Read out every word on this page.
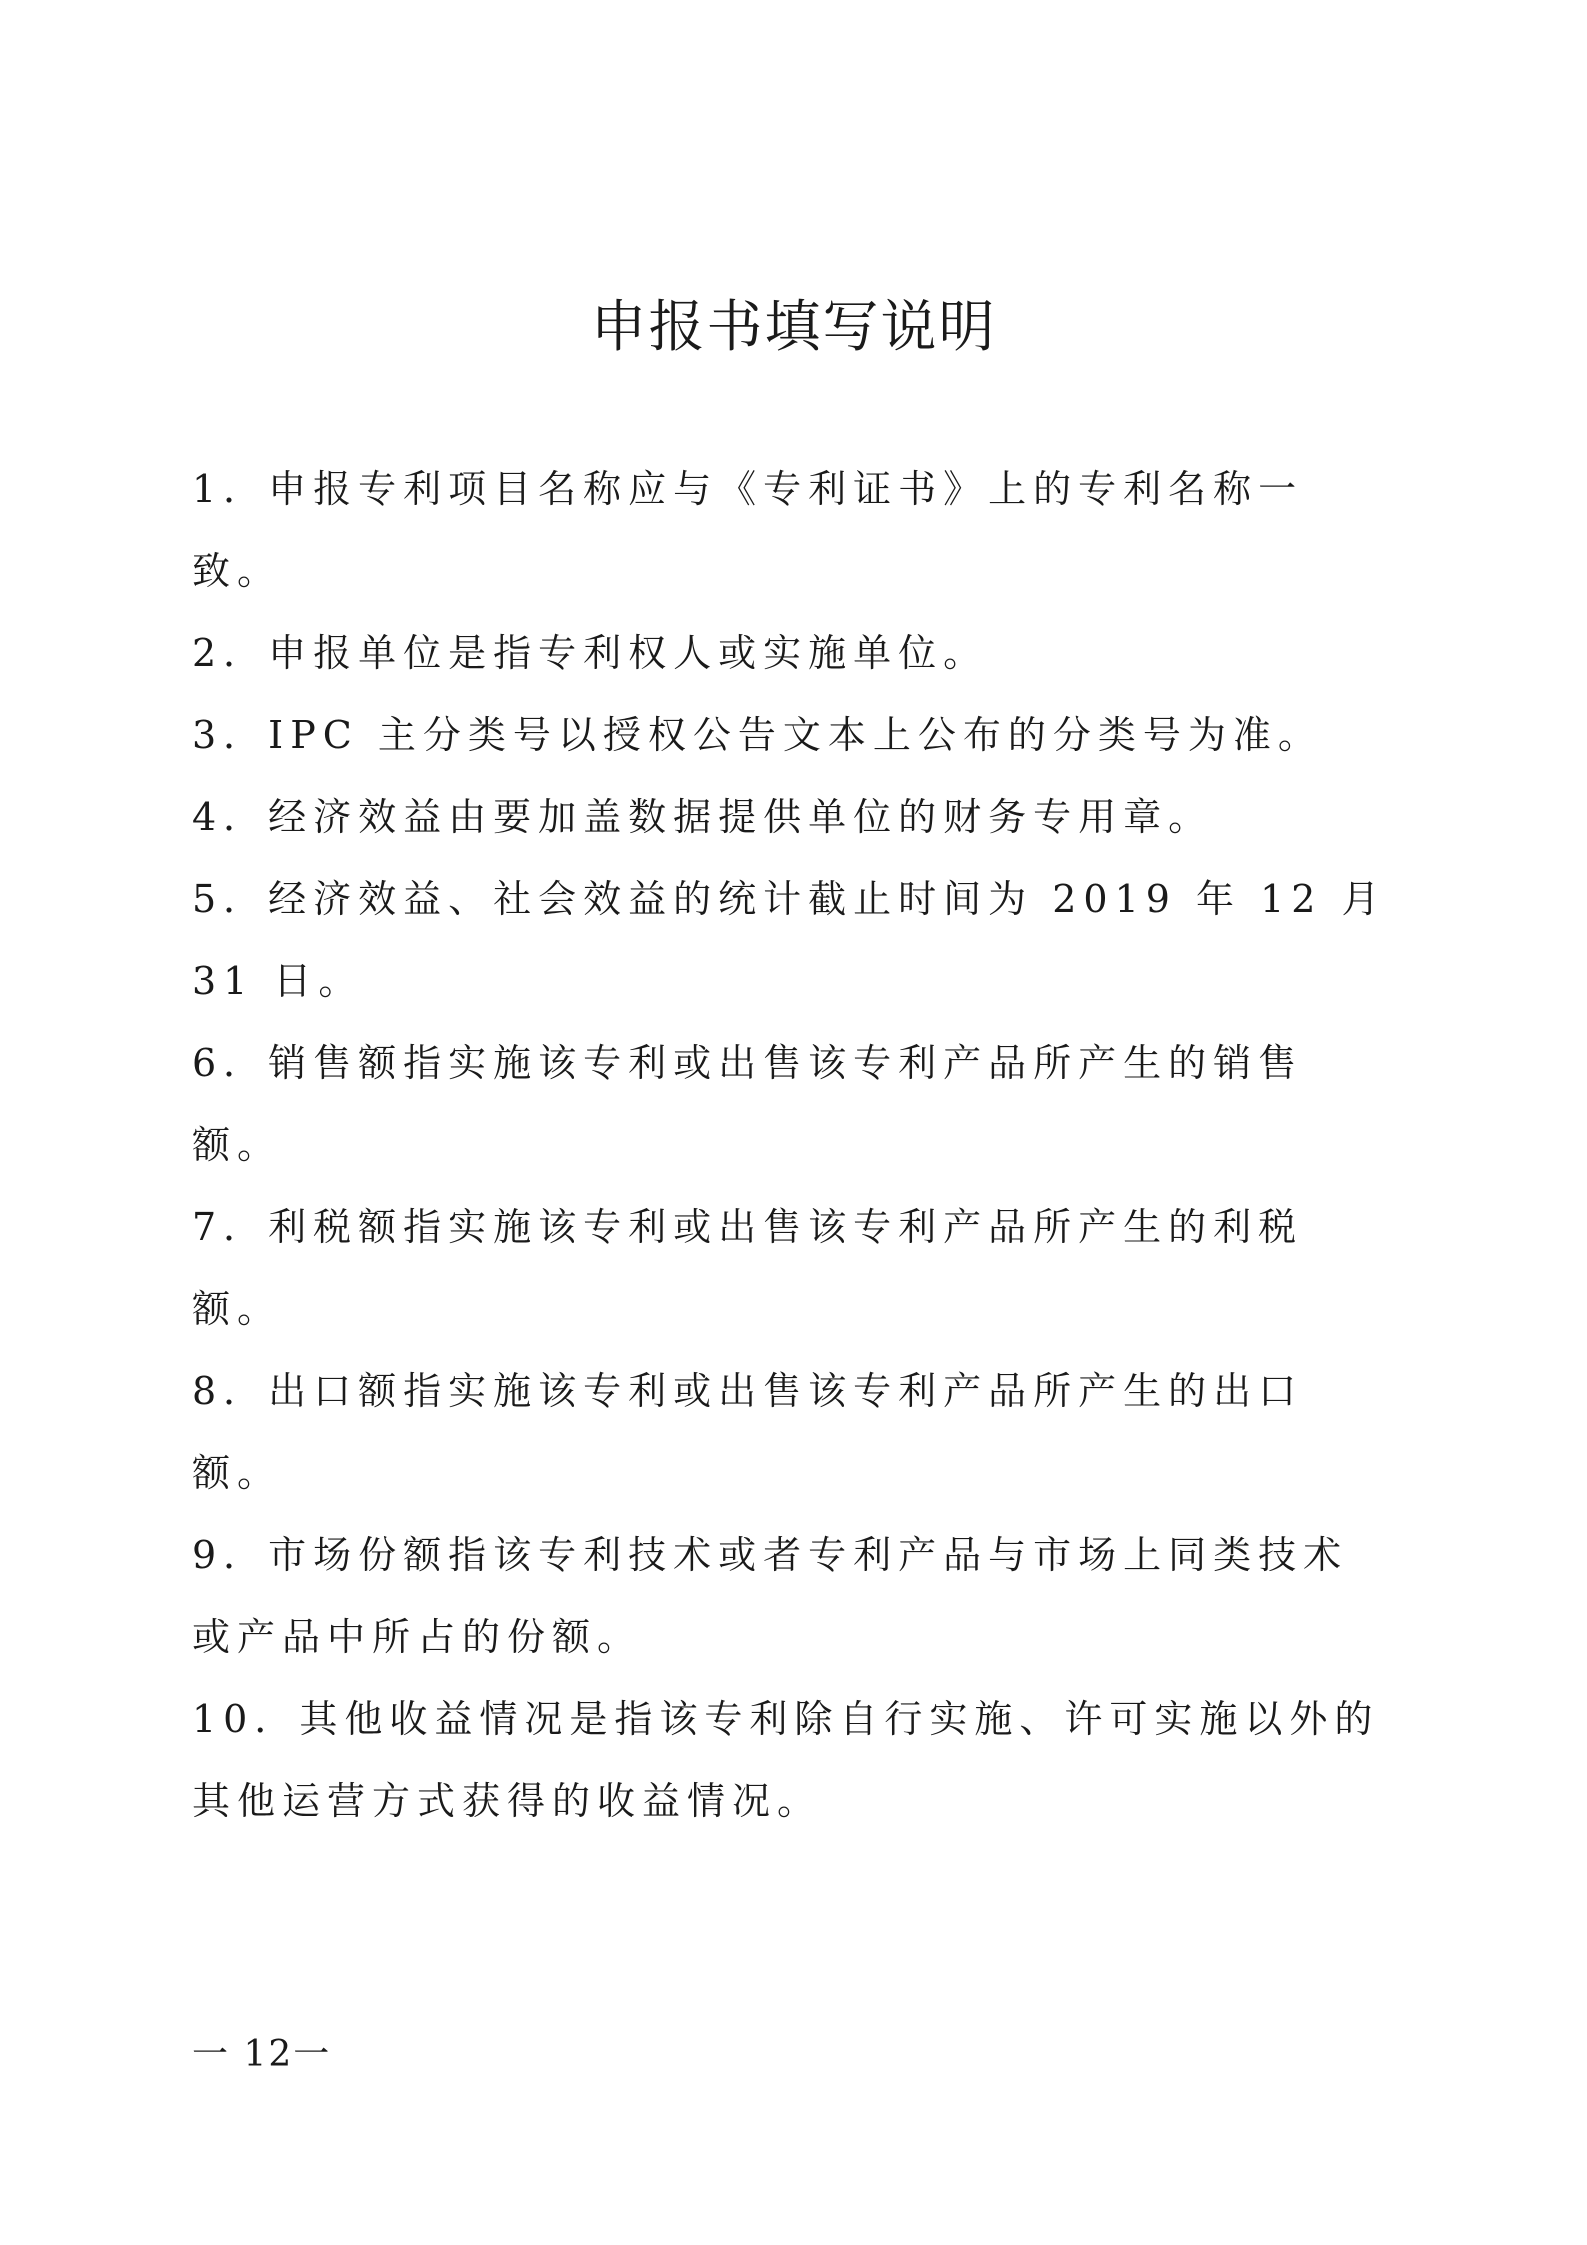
申报书填写说明
1．申报专利项目名称应与《专利证书》上的专利名称一致。
2．申报单位是指专利权人或实施单位。
3．IPC 主分类号以授权公告文本上公布的分类号为准。
4．经济效益由要加盖数据提供单位的财务专用章。
5．经济效益、社会效益的统计截止时间为 2019 年 12 月 31 日。
6．销售额指实施该专利或出售该专利产品所产生的销售额。
7．利税额指实施该专利或出售该专利产品所产生的利税额。
8．出口额指实施该专利或出售该专利产品所产生的出口额。
9．市场份额指该专利技术或者专利产品与市场上同类技术或产品中所占的份额。
10．其他收益情况是指该专利除自行实施、许可实施以外的其他运营方式获得的收益情况。
一 12一
